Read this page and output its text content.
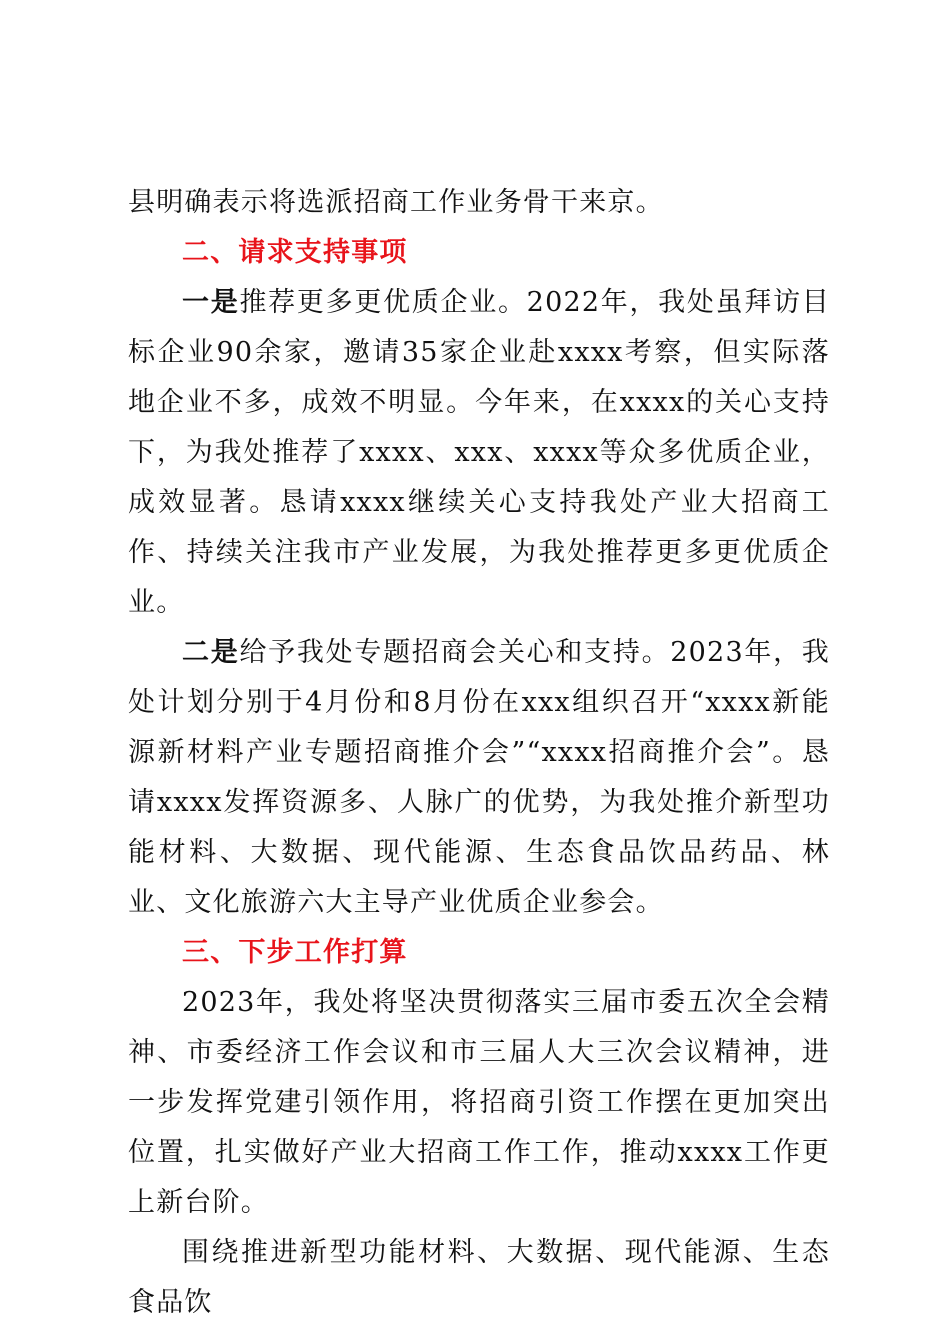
县明确表示将选派招商工作业务骨干来京。

二、请求支持事项

一是推荐更多更优质企业。2022年，我处虽拜访目标企业90余家，邀请35家企业赴xxxx考察，但实际落地企业不多，成效不明显。今年来，在xxxx的关心支持下，为我处推荐了xxxx、xxx、xxxx等众多优质企业，成效显著。恳请xxxx继续关心支持我处产业大招商工作、持续关注我市产业发展，为我处推荐更多更优质企业。

二是给予我处专题招商会关心和支持。2023年，我处计划分别于4月份和8月份在xxx组织召开“xxxx新能源新材料产业专题招商推介会”“xxxx招商推介会”。恳请xxxx发挥资源多、人脉广的优势，为我处推介新型功能材料、大数据、现代能源、生态食品饮品药品、林业、文化旅游六大主导产业优质企业参会。

三、下步工作打算

2023年，我处将坚决贯彻落实三届市委五次全会精神、市委经济工作会议和市三届人大三次会议精神，进一步发挥党建引领作用，将招商引资工作摆在更加突出位置，扎实做好产业大招商工作工作，推动xxxx工作更上新台阶。

围绕推进新型功能材料、大数据、现代能源、生态食品饮
